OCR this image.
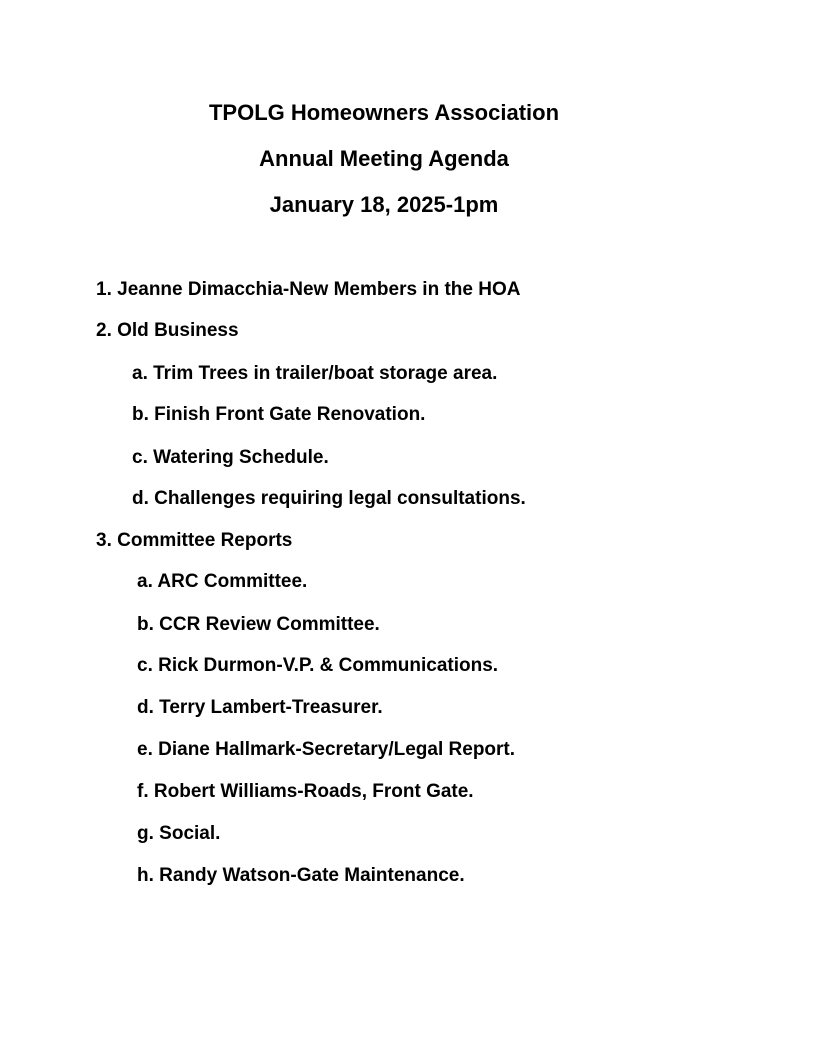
TPOLG Homeowners Association
Annual Meeting Agenda
January 18, 2025-1pm
1. Jeanne Dimacchia-New Members in the HOA
2. Old Business
a. Trim Trees in trailer/boat storage area.
b. Finish Front Gate Renovation.
c. Watering Schedule.
d. Challenges requiring legal consultations.
3. Committee Reports
a. ARC Committee.
b. CCR Review Committee.
c. Rick Durmon-V.P. & Communications.
d. Terry Lambert-Treasurer.
e. Diane Hallmark-Secretary/Legal Report.
f. Robert Williams-Roads, Front Gate.
g. Social.
h. Randy Watson-Gate Maintenance.
